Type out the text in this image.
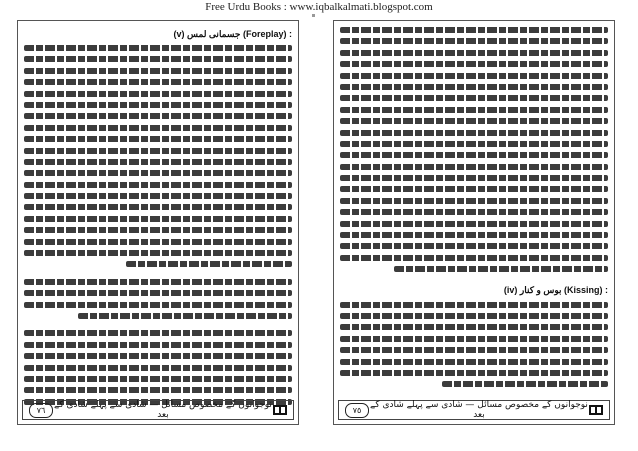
Free Urdu Books : www.iqbalkalmati.blogspot.com
(v) جسمانی لمس (Foreplay) :
٧٦ نوجوانوں کے مخصوص مسائل — شادی سے پہلے شادی کے بعد
(iv) بوس و کنار (Kissing) :
٧٥ نوجوانوں کے مخصوص مسائل — شادی سے پہلے شادی کے بعد
